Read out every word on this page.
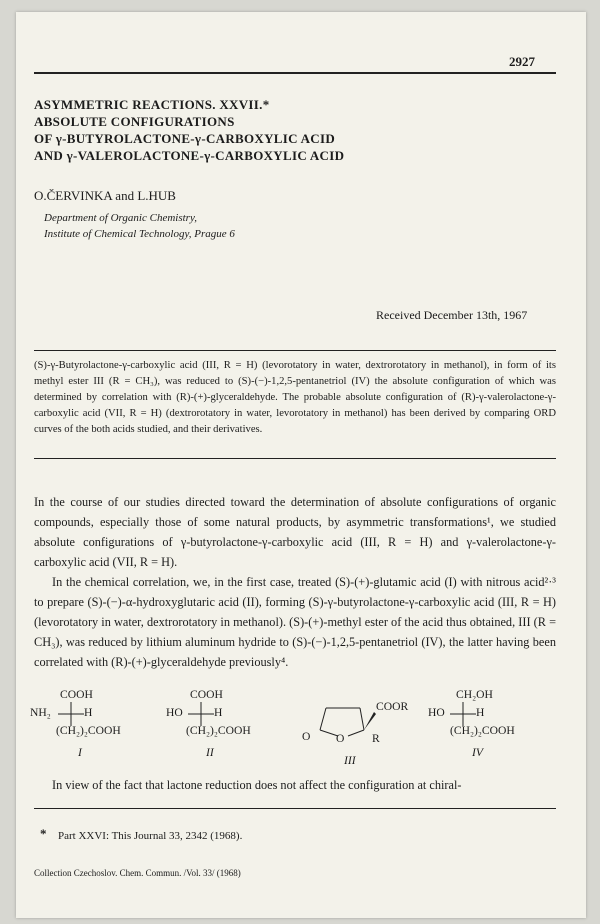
2927
ASYMMETRIC REACTIONS. XXVII.*
ABSOLUTE CONFIGURATIONS
OF γ-BUTYROLACTONE-γ-CARBOXYLIC ACID
AND γ-VALEROLACTONE-γ-CARBOXYLIC ACID
O.ČERVINKA and L.HUB
Department of Organic Chemistry,
Institute of Chemical Technology, Prague 6
Received December 13th, 1967
(S)-γ-Butyrolactone-γ-carboxylic acid (III, R = H) (levorotatory in water, dextrorotatory in methanol), in form of its methyl ester III (R = CH₃), was reduced to (S)-(−)-1,2,5-pentanetriol (IV) the absolute configuration of which was determined by correlation with (R)-(+)-glyceraldehyde. The probable absolute configuration of (R)-γ-valerolactone-γ-carboxylic acid (VII, R = H) (dextrorotatory in water, levorotatory in methanol) has been derived by comparing ORD curves of the both acids studied, and their derivatives.

In the course of our studies directed toward the determination of absolute configurations of organic compounds, especially those of some natural products, by asymmetric transformations¹, we studied absolute configurations of γ-butyrolactone-γ-carboxylic acid (III, R = H) and γ-valerolactone-γ-carboxylic acid (VII, R = H).

In the chemical correlation, we, in the first case, treated (S)-(+)-glutamic acid (I) with nitrous acid²·³ to prepare (S)-(−)-α-hydroxyglutaric acid (II), forming (S)-γ-butyrolactone-γ-carboxylic acid (III, R = H) (levorotatory in water, dextrorotatory in methanol). (S)-(+)-methyl ester of the acid thus obtained, III (R = CH₃), was reduced by lithium aluminum hydride to (S)-(−)-1,2,5-pentanetriol (IV), the latter having been correlated with (R)-(+)-glyceraldehyde previously⁴.

COOH
NH₂	H
(CH₂)₂COOH
I
COOH
HO	H
(CH₂)₂COOH
II
COOR
O O R
III
CH₂OH
HO	H
(CH₂)₂COOH
IV
In view of the fact that lactone reduction does not affect the configuration at chiral-
* Part XXVI: This Journal 33, 2342 (1968).
Collection Czechoslov. Chem. Commun. /Vol. 33/ (1968)
